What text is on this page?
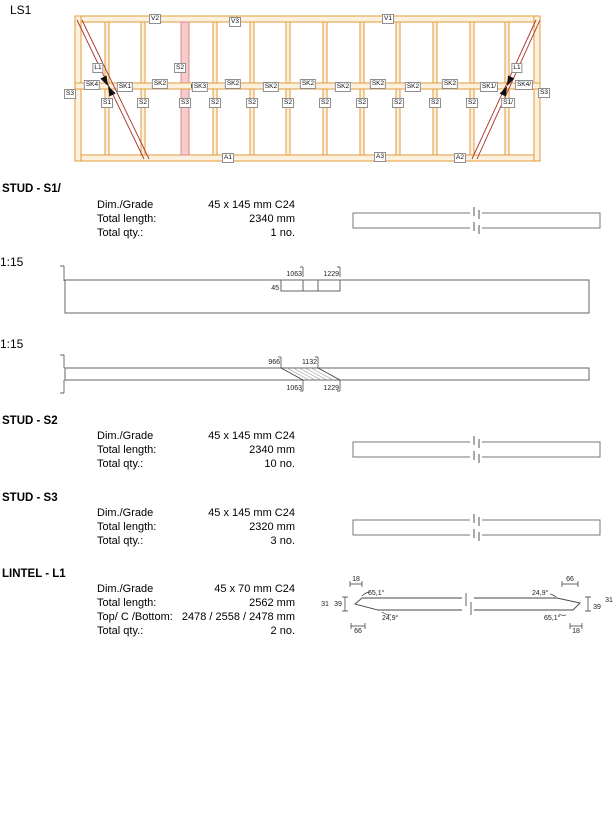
LS1
45
1063	1229
966	1132
1063	1229
18	66
66	18
31 39	39
31
65,1°
24,9°
24,9°
65,1°
V2	V3	V1
A1	A3	A2
S3	S3
SK4	SK1	SK2	SK3	SK2	SK2	SK2	SK2	SK2	SK2	SK2	SK1/	SK4/
S1	S2	S3	S2	S2	S2	S2	S2	S2	S2	S2	S1/
S2
L1	L1
1:15
1:15
STUD - S1/
Dim./Grade	45 x 145 mm C24
Total length:	2340 mm
Total qty.:	1 no.
STUD - S2
Dim./Grade	45 x 145 mm C24
Total length:	2340 mm
Total qty.:	10 no.
STUD - S3
Dim./Grade	45 x 145 mm C24
Total length:	2320 mm
Total qty.:	3 no.
LINTEL - L1
Dim./Grade	45 x 70 mm C24
Total length:	2562 mm
Top/ C /Bottom: 2478 / 2558 / 2478 mm
Total qty.:	2 no.
